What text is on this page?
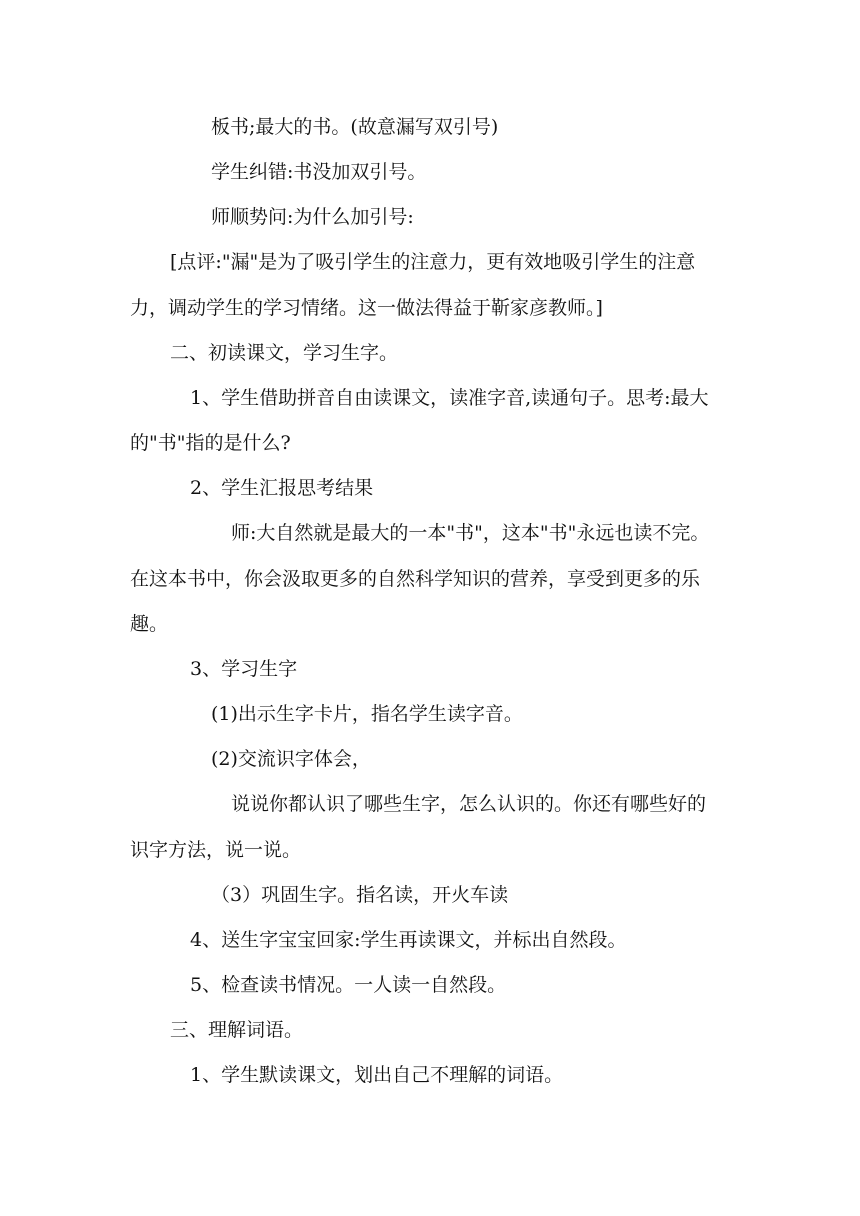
板书;最大的书。(故意漏写双引号)

学生纠错:书没加双引号。

师顺势问:为什么加引号:

[点评:"漏"是为了吸引学生的注意力，更有效地吸引学生的注意

力，调动学生的学习情绪。这一做法得益于靳家彦教师。]

二、初读课文，学习生字。

1、学生借助拼音自由读课文，读准字音,读通句子。思考:最大

的"书"指的是什么?

2、学生汇报思考结果

师:大自然就是最大的一本"书"，这本"书"永远也读不完。

在这本书中，你会汲取更多的自然科学知识的营养，享受到更多的乐

趣。

3、学习生字

(1)出示生字卡片，指名学生读字音。

(2)交流识字体会，

说说你都认识了哪些生字，怎么认识的。你还有哪些好的

识字方法，说一说。

（3）巩固生字。指名读，开火车读

4、送生字宝宝回家:学生再读课文，并标出自然段。

5、检查读书情况。一人读一自然段。

三、理解词语。

1、学生默读课文，划出自己不理解的词语。
